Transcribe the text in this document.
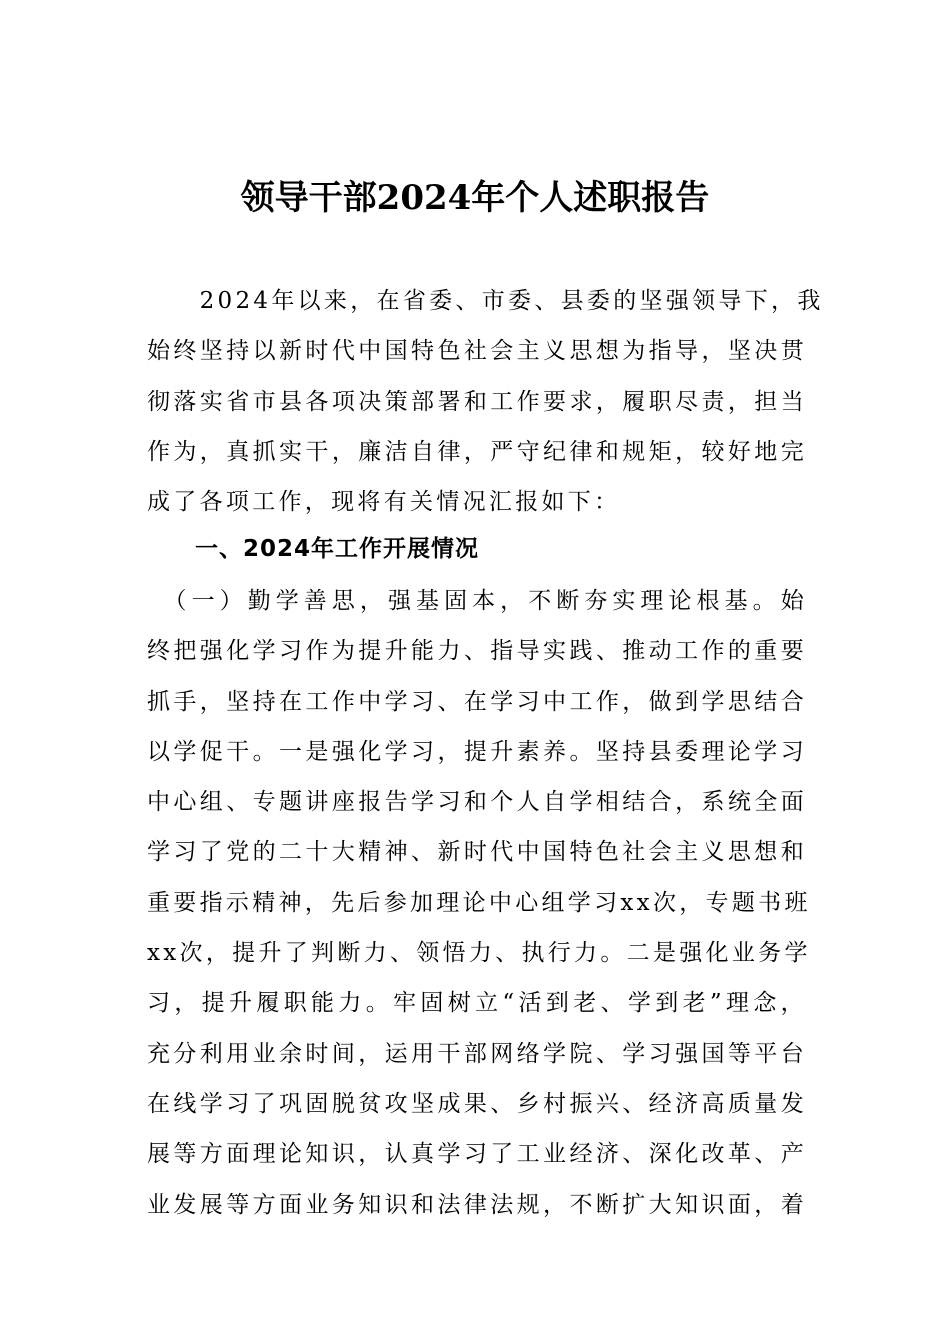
领导干部2024年个人述职报告
　　2024年以来，在省委、市委、县委的坚强领导下，我
始终坚持以新时代中国特色社会主义思想为指导，坚决贯
彻落实省市县各项决策部署和工作要求，履职尽责，担当
作为，真抓实干，廉洁自律，严守纪律和规矩，较好地完
成了各项工作，现将有关情况汇报如下：
一、2024年工作开展情况
　（一）勤学善思，强基固本，不断夯实理论根基。始
终把强化学习作为提升能力、指导实践、推动工作的重要
抓手，坚持在工作中学习、在学习中工作，做到学思结合
以学促干。一是强化学习，提升素养。坚持县委理论学习
中心组、专题讲座报告学习和个人自学相结合，系统全面
学习了党的二十大精神、新时代中国特色社会主义思想和
重要指示精神，先后参加理论中心组学习xx次，专题书班
xx次，提升了判断力、领悟力、执行力。二是强化业务学
习，提升履职能力。牢固树立“活到老、学到老”理念，
充分利用业余时间，运用干部网络学院、学习强国等平台
在线学习了巩固脱贫攻坚成果、乡村振兴、经济高质量发
展等方面理论知识，认真学习了工业经济、深化改革、产
业发展等方面业务知识和法律法规，不断扩大知识面，着
